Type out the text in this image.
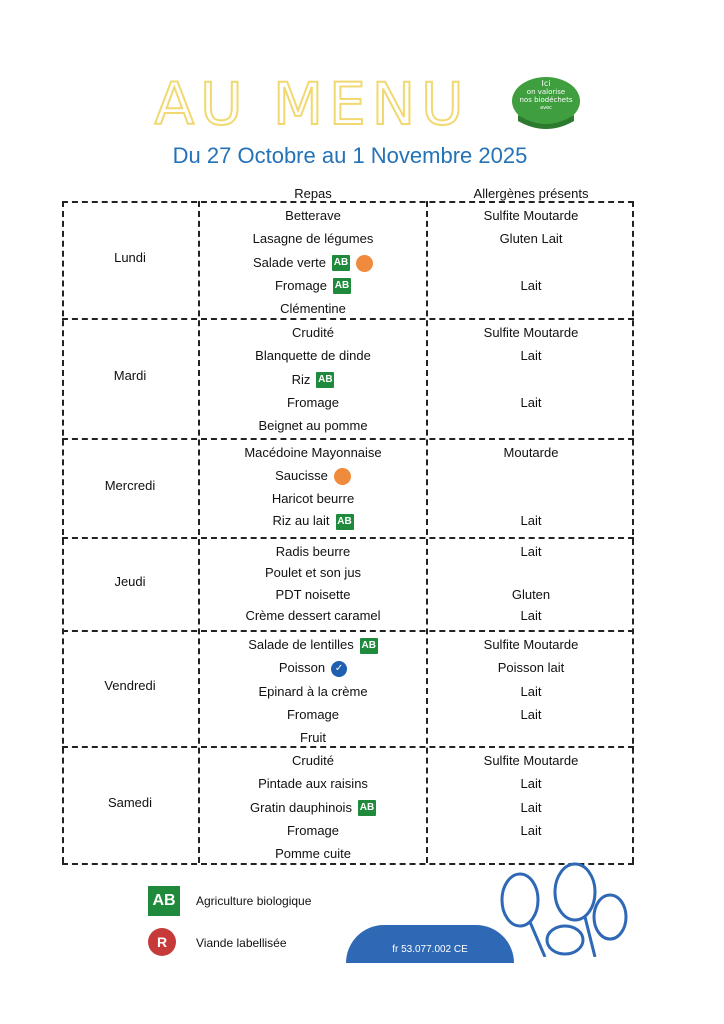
AU MENU	Ici
on valorise
nos biodéchets
avec
Du 27 Octobre au 1 Novembre 2025
Repas	Allergènes présents
Lundi
Betterave	Sulfite Moutarde
Lasagne de légumes	Gluten Lait
Salade verte AB
Fromage AB	Lait
Clémentine
Mardi
Crudité	Sulfite Moutarde
Blanquette de dinde	Lait
Riz AB
Fromage	Lait
Beignet au pomme
Mercredi
Macédoine Mayonnaise	Moutarde
Saucisse
Haricot beurre
Riz au lait AB	Lait
Jeudi
Radis beurre	Lait
Poulet et son jus
PDT noisette	Gluten
Crème dessert caramel	Lait
Vendredi
Salade de lentilles AB	Sulfite Moutarde
Poisson ✓	Poisson lait
Epinard à la crème	Lait
Fromage	Lait
Fruit
Samedi
Crudité	Sulfite Moutarde
Pintade aux raisins	Lait
Gratin dauphinois AB	Lait
Fromage	Lait
Pomme cuite
AB	Agriculture biologique
R	Viande labellisée	fr 53.077.002 CE
